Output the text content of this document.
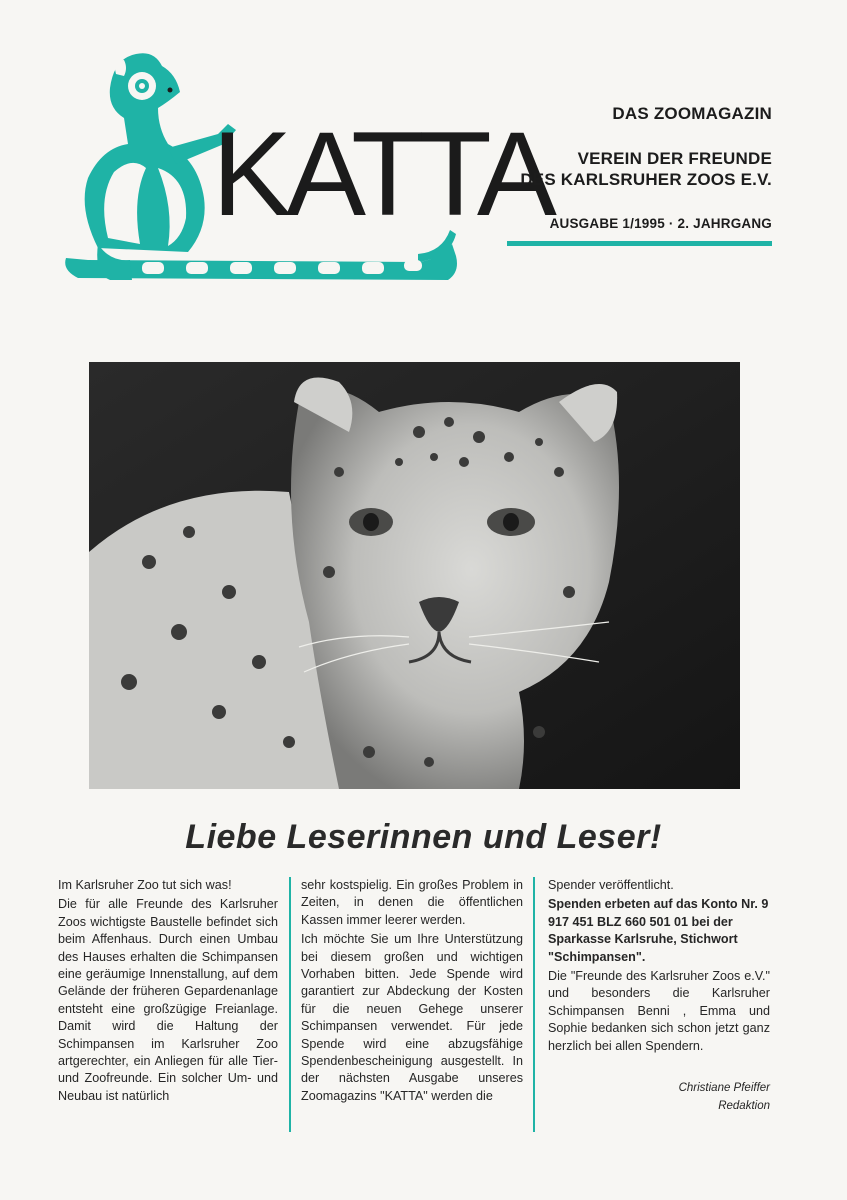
KATTA	DAS ZOOMAGAZIN
VEREIN DER FREUNDE
DES KARLSRUHER ZOOS E.V.
AUSGABE 1/1995 · 2. JAHRGANG
Liebe Leserinnen und Leser!

Im Karlsruher Zoo tut sich was!

Die für alle Freunde des Karlsruher Zoos wichtigste Baustelle befindet sich beim Affenhaus. Durch einen Umbau des Hauses erhalten die Schimpansen eine geräumige Innenstallung, auf dem Gelände der früheren Gepardenanlage entsteht eine großzügige Freianlage. Damit wird die Haltung der Schimpansen im Karlsruher Zoo artgerechter, ein Anliegen für alle Tier- und Zoofreunde. Ein solcher Um- und Neubau ist natürlich

sehr kostspielig. Ein großes Problem in Zeiten, in denen die öffentlichen Kassen immer leerer werden.

Ich möchte Sie um Ihre Unterstützung bei diesem großen und wichtigen Vorhaben bitten. Jede Spende wird garantiert zur Abdeckung der Kosten für die neuen Gehege unserer Schimpansen verwendet. Für jede Spende wird eine abzugsfähige Spendenbescheinigung ausgestellt. In der nächsten Ausgabe unseres Zoomagazins "KATTA" werden die

Spender veröffentlicht.

Spenden erbeten auf das Konto Nr. 9 917 451 BLZ 660 501 01 bei der Sparkasse Karlsruhe, Stichwort "Schimpansen".

Die "Freunde des Karlsruher Zoos e.V." und besonders die Karlsruher Schimpansen Benni , Emma und Sophie bedanken sich schon jetzt ganz herzlich bei allen Spendern.

Christiane Pfeiffer
Redaktion
